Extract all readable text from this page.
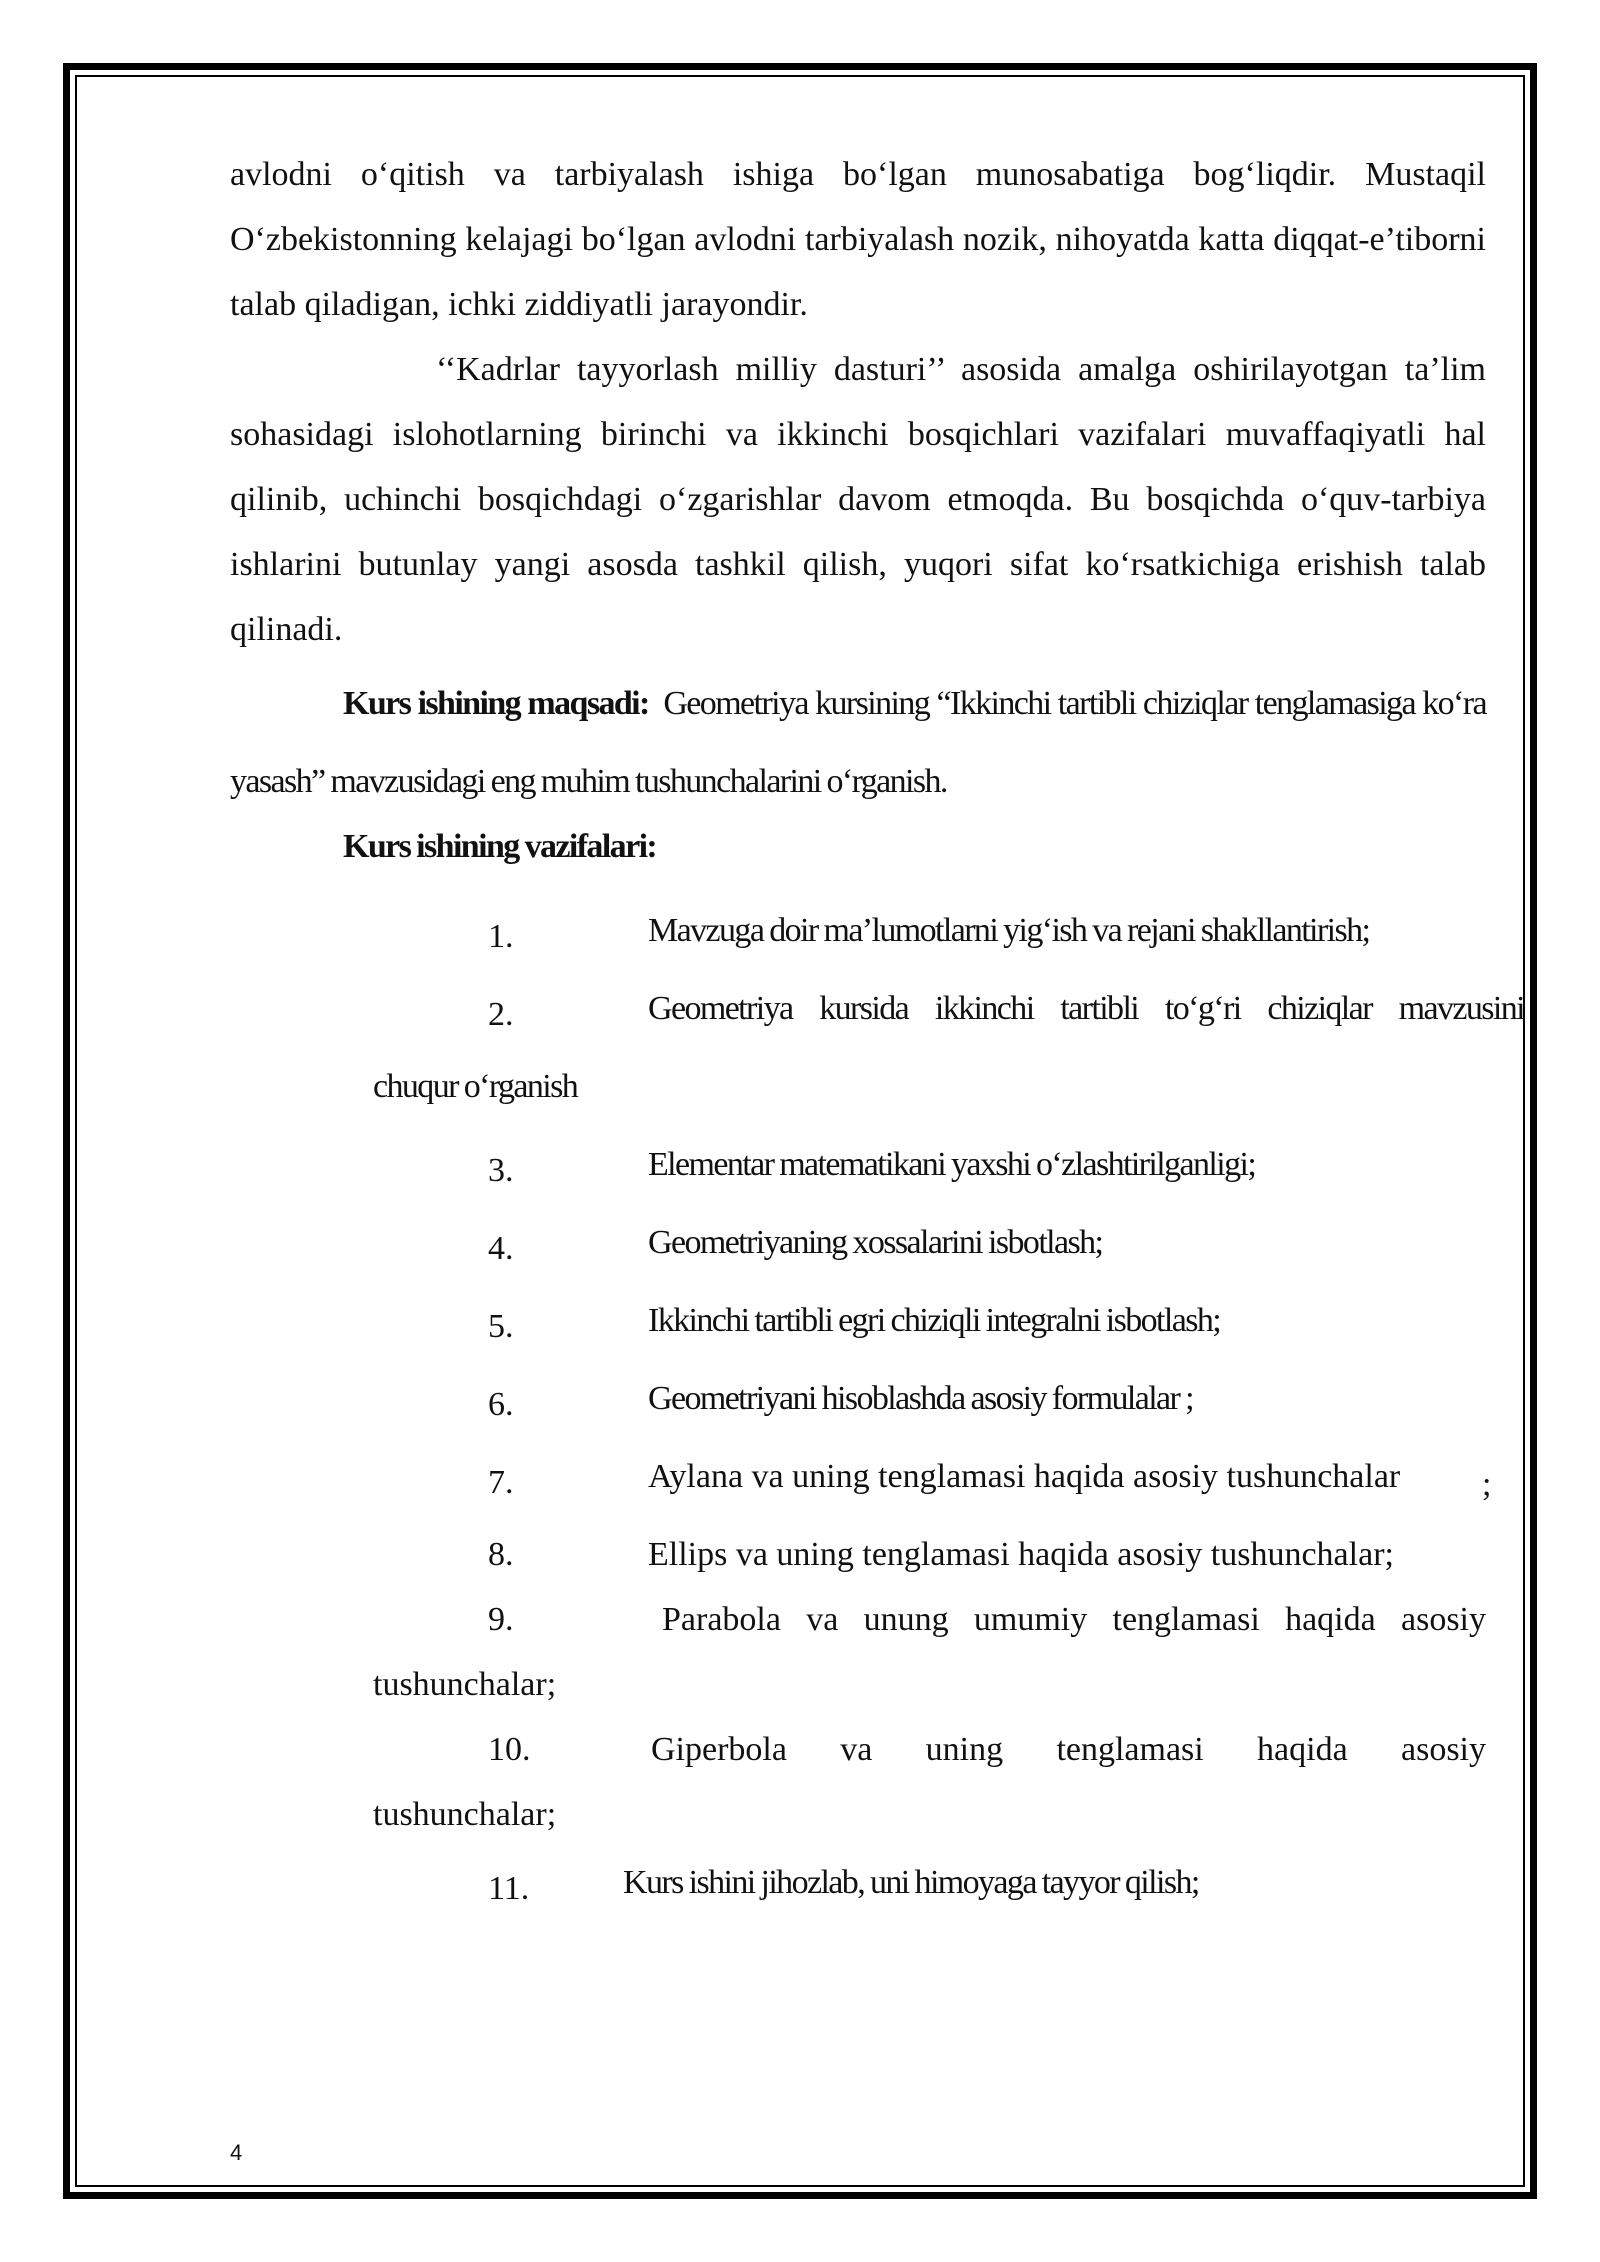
avlodni o‘qitish va tarbiyalash ishiga bo‘lgan munosabatiga bog‘liqdir. Mustaqil O‘zbekistonning kelajagi bo‘lgan avlodni tarbiyalash nozik, nihoyatda katta diqqat-e’tiborni talab qiladigan, ichki ziddiyatli jarayondir.

‘‘Kadrlar tayyorlash milliy dasturi’’ asosida amalga oshirilayotgan ta’lim sohasidagi islohotlarning birinchi va ikkinchi bosqichlari vazifalari muvaffaqiyatli hal qilinib, uchinchi bosqichdagi o‘zgarishlar davom etmoqda. Bu bosqichda o‘quv-tarbiya ishlarini butunlay yangi asosda tashkil qilish, yuqori sifat ko‘rsatkichiga erishish talab qilinadi.

Kurs ishining maqsadi: Geometriya kursining “Ikkinchi tartibli chiziqlar tenglamasiga ko‘ra yasash” mavzusidagi eng muhim tushunchalarini o‘rganish.
Kurs ishining vazifalari:
1.	Mavzuga doir ma’lumotlarni yig‘ish va rejani shakllantirish;
2.	Geometriya kursida ikkinchi tartibli to‘g‘ri chiziqlar mavzusini
chuqur o‘rganish
3.	Elementar matematikani yaxshi o‘zlashtirilganligi;
4.	Geometriyaning xossalarini isbotlash;
5.	Ikkinchi tartibli egri chiziqli integralni isbotlash;
6.	Geometriyani hisoblashda asosiy formulalar ;
7.	Aylana va uning tenglamasi haqida asosiy tushunchalar ;
8.	Ellips va uning tenglamasi haqida asosiy tushunchalar;
9.	Parabola va unung umumiy tenglamasi haqida asosiy
tushunchalar;
10.	Giperbola va uning tenglamasi haqida asosiy
tushunchalar;
11.	Kurs ishini jihozlab, uni himoyaga tayyor qilish;
4
